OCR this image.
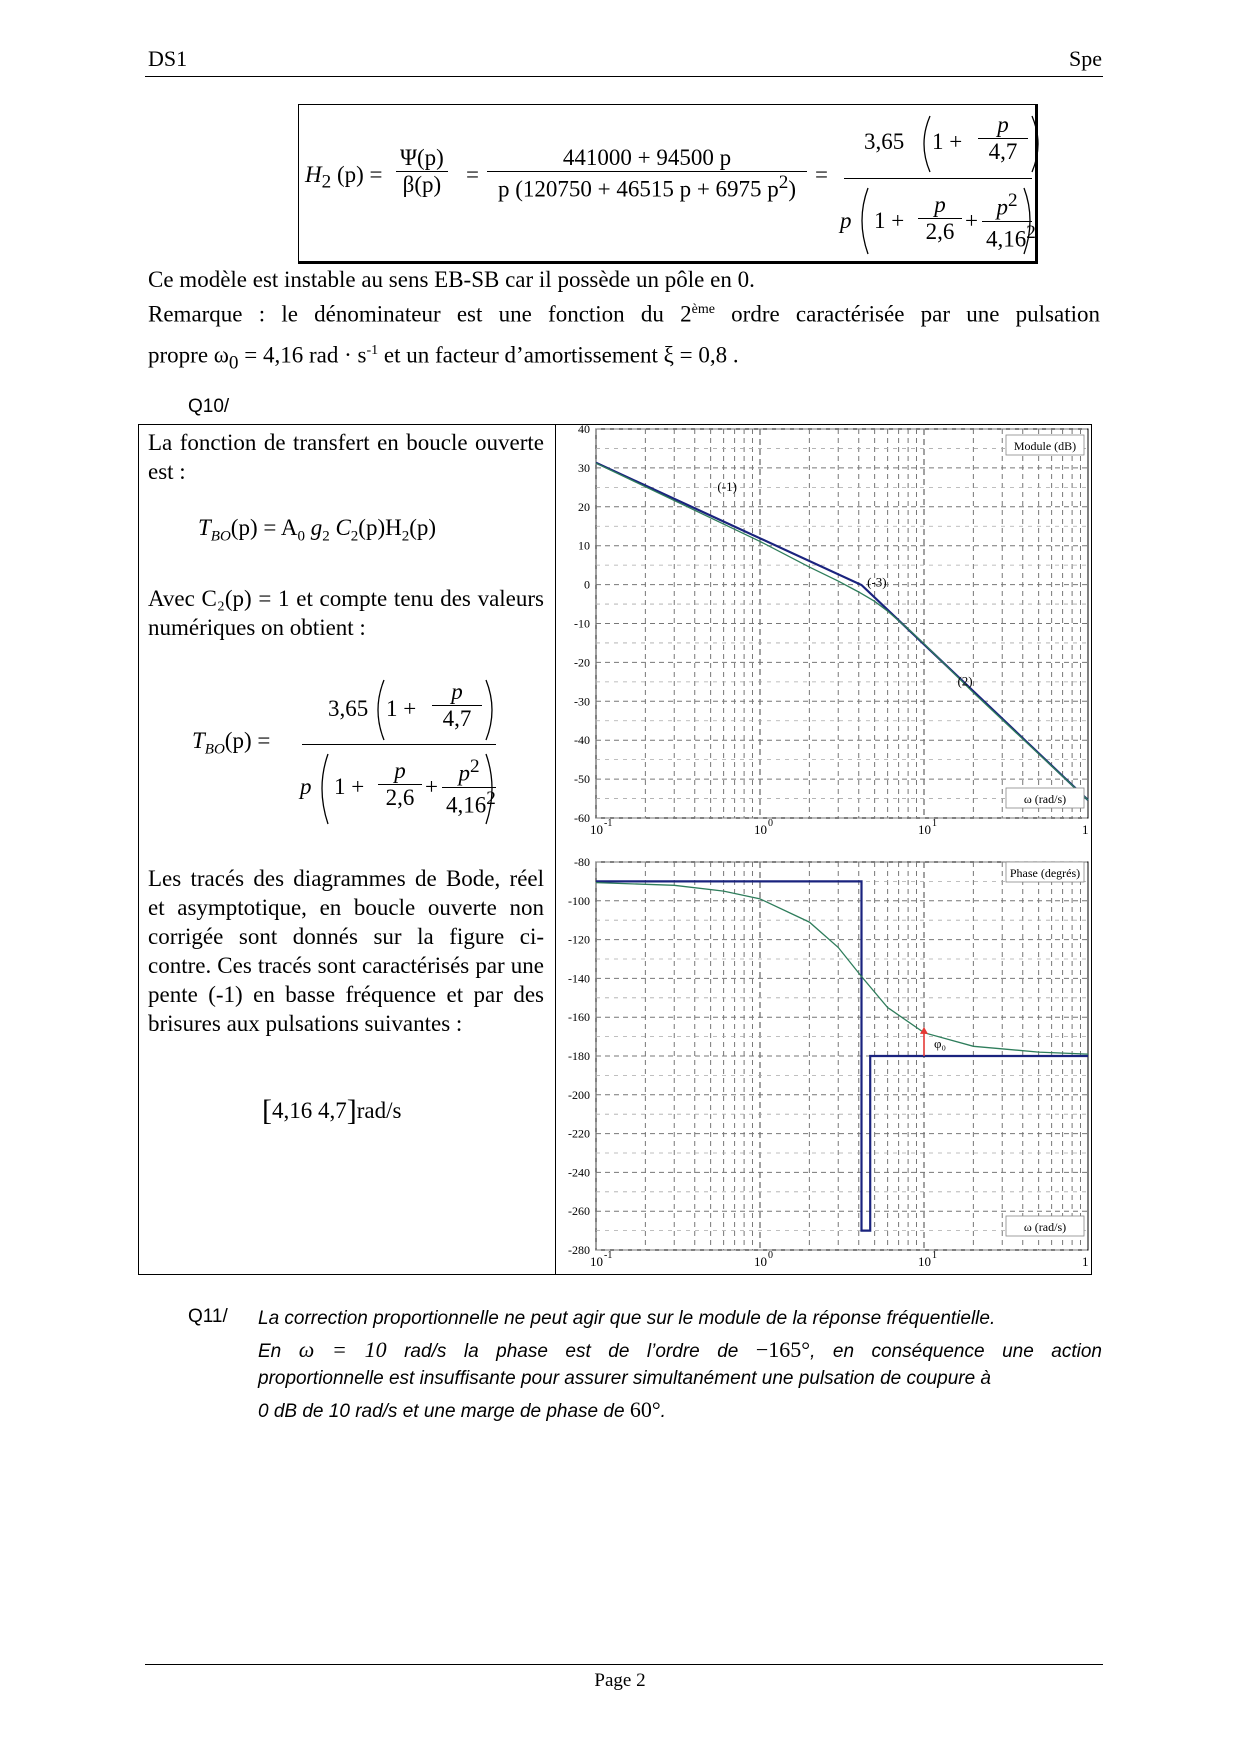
DS1	Spe
$H_2$ $(p) = \frac{\Psi(p)}{\beta(p)} = \frac{441000 + 94500 p}{p (120750 + 46515 p + 6975 p^2)}$ =
3,65 $1 + \frac{p}{4,7}$
p $1 + \frac{p}{2,6} + \frac{p^2}{4,16^2}$
Ce modèle est instable au sens EB-SB car il possède un pôle en 0.
Remarque : le dénominateur est une fonction du 2ème ordre caractérisée par une pulsation
propre $\omega_0 = 4,16$ rad · $s^{-1}$ et un facteur d’amortissement ξ = 0,8 .
Q10/
La fonction de transfert en boucle ouverte est :
$T_{BO}(p) = A_0$ $g_2$ $C_2(p)H_2(p)$
Avec C₂(p) = 1 et compte tenu des valeurs numériques on obtient :
$T_{BO}(p)$ =
3,65 $1 + \frac{p}{4,7}$
p $1 + \frac{p}{2,6} + \frac{p^2}{4,16^2}$
Les tracés des diagrammes de Bode, réel et asymptotique, en boucle ouverte non corrigée sont donnés sur la figure ci-contre. Ces tracés sont caractérisés par une pente (-1) en basse fréquence et par des brisures aux pulsations suivantes :
[4,16 4,7]rad/s
40
30
20
10
0
-10
-20
-30
-40
-50
-60
10 -1	10 0	10 1	1
Module (dB)
ω (rad/s)
(-1)
(-3)
(2)
-80
-100
-120
-140
-160
-180
-200
-220
-240
-260
-280
10 -1	10 0	10 1	1
Phase (degrés)
ω (rad/s)
φ₀
Q11/ La correction proportionnelle ne peut agir que sur le module de la réponse fréquentielle.
En ω = 10 rad/s la phase est de l’ordre de −165°, en conséquence une action
proportionnelle est insuffisante pour assurer simultanément une pulsation de coupure à
0 dB de 10 rad/s et une marge de phase de 60°.
Page 2
